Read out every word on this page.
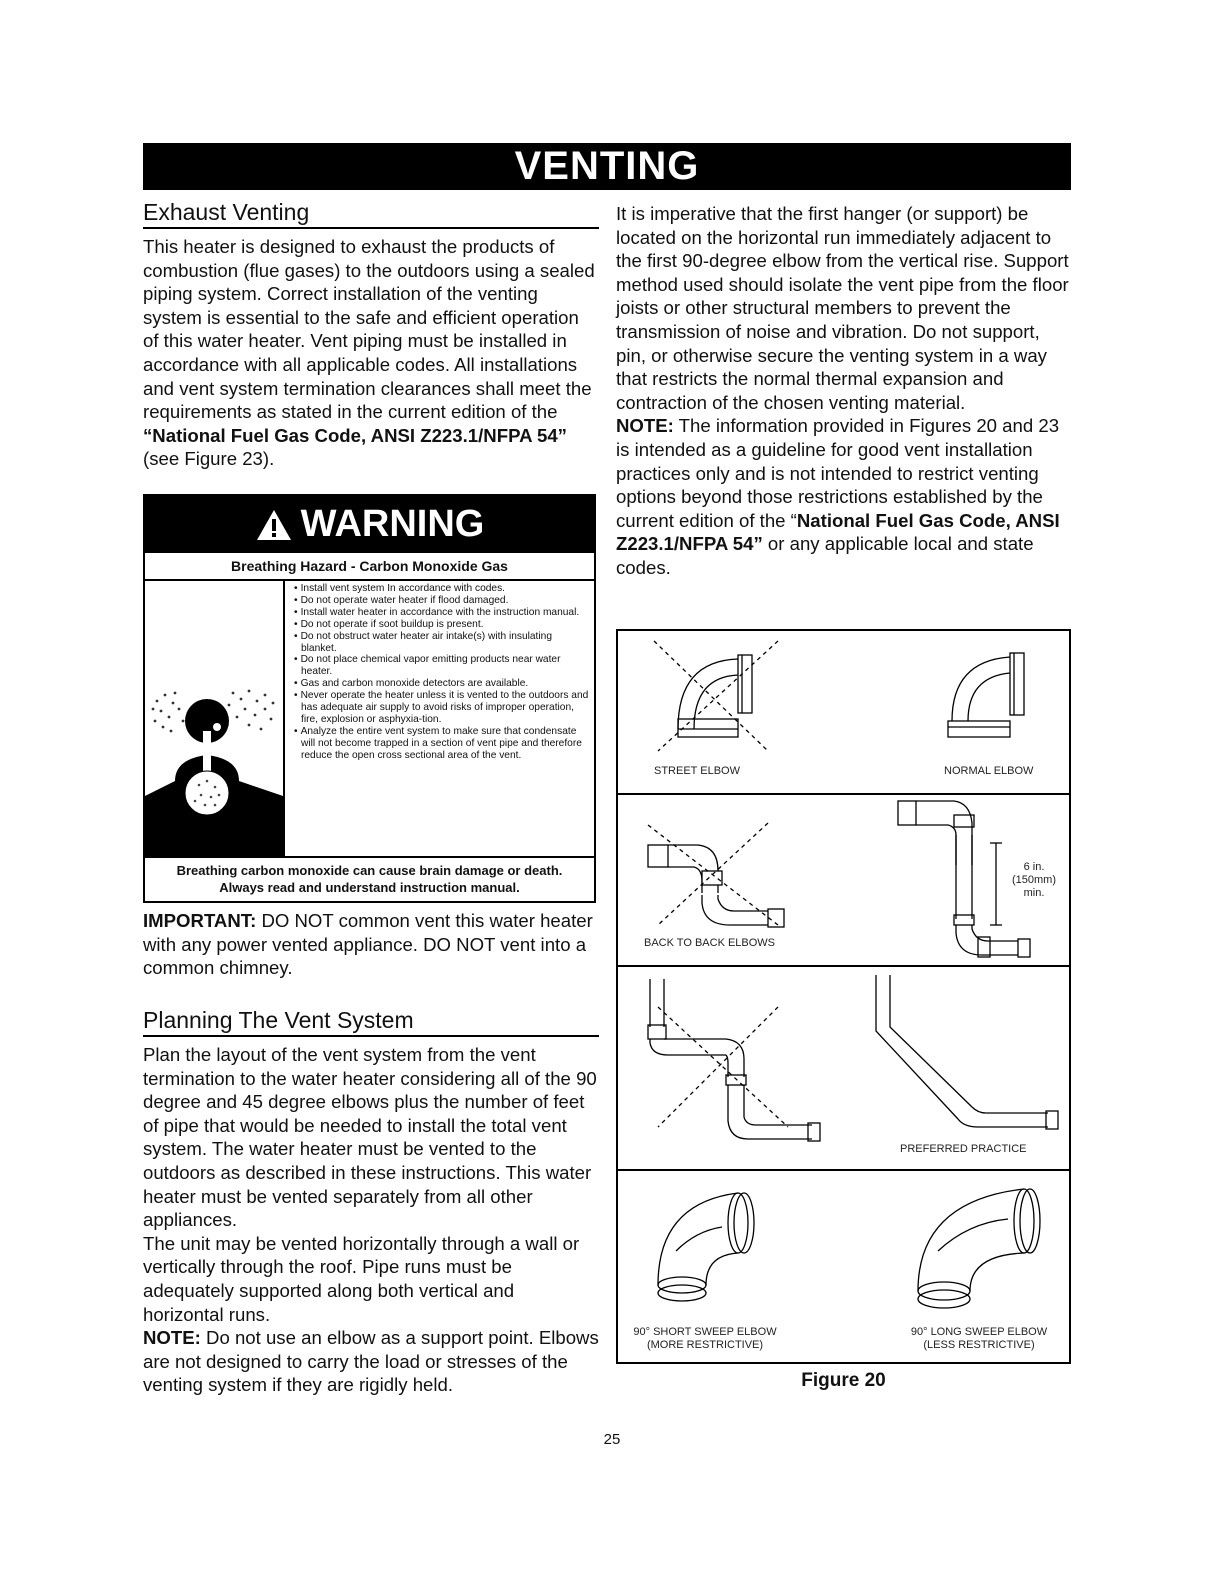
VENTING
Exhaust Venting

This heater is designed to exhaust the products of combustion (flue gases) to the outdoors using a sealed piping system. Correct installation of the venting system is essential to the safe and efficient operation of this water heater. Vent piping must be installed in accordance with all applicable codes. All installations and vent system termination clearances shall meet the requirements as stated in the current edition of the “National Fuel Gas Code, ANSI Z223.1/NFPA 54” (see Figure 23).

WARNING
Breathing Hazard - Carbon Monoxide Gas
• Install vent system In accordance with codes.
• Do not operate water heater if flood damaged.
• Install water heater in accordance with the instruction manual.
• Do not operate if soot buildup is present.
• Do not obstruct water heater air intake(s) with insulating blanket.
• Do not place chemical vapor emitting products near water heater.
• Gas and carbon monoxide detectors are available.
• Never operate the heater unless it is vented to the outdoors and has adequate air supply to avoid risks of improper operation, fire, explosion or asphyxia-tion.
• Analyze the entire vent system to make sure that condensate will not become trapped in a section of vent pipe and therefore reduce the open cross sectional area of the vent.
Breathing carbon monoxide can cause brain damage or death.
Always read and understand instruction manual.

IMPORTANT: DO NOT common vent this water heater with any power vented appliance. DO NOT vent into a common chimney.

Planning The Vent System

Plan the layout of the vent system from the vent termination to the water heater considering all of the 90 degree and 45 degree elbows plus the number of feet of pipe that would be needed to install the total vent system. The water heater must be vented to the outdoors as described in these instructions. This water heater must be vented separately from all other appliances.

The unit may be vented horizontally through a wall or vertically through the roof. Pipe runs must be adequately supported along both vertical and horizontal runs.

NOTE: Do not use an elbow as a support point. Elbows are not designed to carry the load or stresses of the venting system if they are rigidly held.

It is imperative that the first hanger (or support) be located on the horizontal run immediately adjacent to the first 90-degree elbow from the vertical rise. Support method used should isolate the vent pipe from the floor joists or other structural members to prevent the transmission of noise and vibration. Do not support, pin, or otherwise secure the venting system in a way that restricts the normal thermal expansion and contraction of the chosen venting material.

NOTE: The information provided in Figures 20 and 23 is intended as a guideline for good vent installation practices only and is not intended to restrict venting options beyond those restrictions established by the current edition of the “National Fuel Gas Code, ANSI Z223.1/NFPA 54” or any applicable local and state codes.

STREET ELBOW	NORMAL ELBOW
BACK TO BACK ELBOWS
6 in.
(150mm)
min.
PREFERRED PRACTICE
90° SHORT SWEEP ELBOW
(MORE RESTRICTIVE)
90° LONG SWEEP ELBOW
(LESS RESTRICTIVE)
Figure 20
25
